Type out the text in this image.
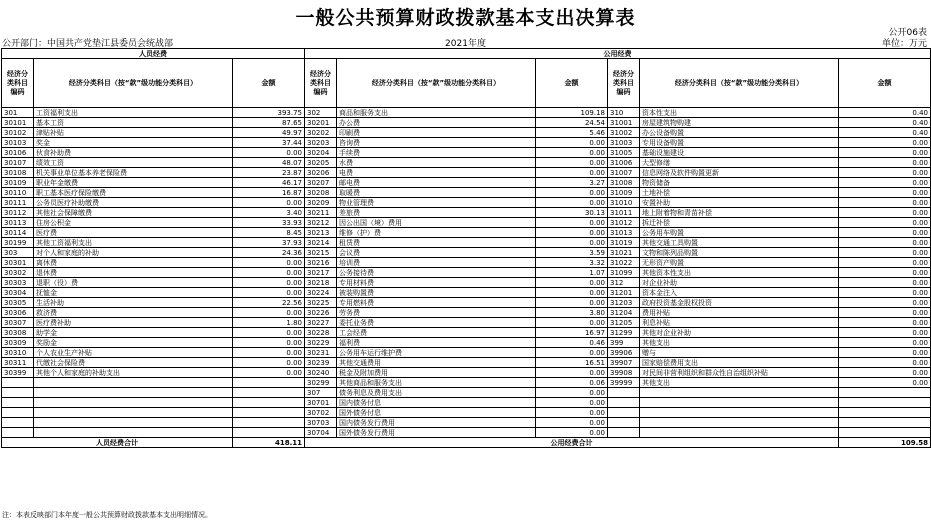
一般公共预算财政拨款基本支出决算表
公开06表
公开部门：中国共产党垫江县委员会统战部	2021年度	单位：万元
人员经费			公用经费					
经济分类科目编码	经济分类科目（按“款”级功能分类科目）	金额	经济分类科目编码	经济分类科目（按“款”级功能分类科目）	金额	经济分类科目编码	经济分类科目（按“款”级功能分类科目）	金额
301	工资福利支出	393.75	302	商品和服务支出	109.18	310	资本性支出	0.40
30101	基本工资	87.65	30201	办公费	24.54	31001	房屋建筑物购建	0.40
30102	津贴补贴	49.97	30202	印刷费	5.46	31002	办公设备购置	0.40
30103	奖金	37.44	30203	咨询费	0.00	31003	专用设备购置	0.00
30106	伙食补助费	0.00	30204	手续费	0.00	31005	基础设施建设	0.00
30107	绩效工资	48.07	30205	水费	0.00	31006	大型修缮	0.00
30108	机关事业单位基本养老保险费	23.87	30206	电费	0.00	31007	信息网络及软件购置更新	0.00
30109	职业年金缴费	46.17	30207	邮电费	3.27	31008	物资储备	0.00
30110	职工基本医疗保险缴费	16.87	30208	取暖费	0.00	31009	土地补偿	0.00
30111	公务员医疗补助缴费	0.00	30209	物业管理费	0.00	31010	安置补助	0.00
30112	其他社会保障缴费	3.40	30211	差旅费	30.13	31011	地上附着物和青苗补偿	0.00
30113	住房公积金	33.93	30212	因公出国（境）费用	0.00	31012	拆迁补偿	0.00
30114	医疗费	8.45	30213	维修（护）费	0.00	31013	公务用车购置	0.00
30199	其他工资福利支出	37.93	30214	租赁费	0.00	31019	其他交通工具购置	0.00
303	对个人和家庭的补助	24.36	30215	会议费	3.59	31021	文物和陈列品购置	0.00
30301	离休费	0.00	30216	培训费	3.32	31022	无形资产购置	0.00
30302	退休费	0.00	30217	公务接待费	1.07	31099	其他资本性支出	0.00
30303	退职（役）费	0.00	30218	专用材料费	0.00	312	对企业补助	0.00
30304	抚恤金	0.00	30224	被装购置费	0.00	31201	资本金注入	0.00
30305	生活补助	22.56	30225	专用燃料费	0.00	31203	政府投资基金股权投资	0.00
30306	救济费	0.00	30226	劳务费	3.80	31204	费用补贴	0.00
30307	医疗费补助	1.80	30227	委托业务费	0.00	31205	利息补贴	0.00
30308	助学金	0.00	30228	工会经费	16.97	31299	其他对企业补助	0.00
30309	奖励金	0.00	30229	福利费	0.46	399	其他支出	0.00
30310	个人农业生产补贴	0.00	30231	公务用车运行维护费	0.00	39906	赠与	0.00
30311	代缴社会保险费	0.00	30239	其他交通费用	16.51	39907	国家赔偿费用支出	0.00
30399	其他个人和家庭的补助支出	0.00	30240	税金及附加费用	0.00	39908	对民间非营利组织和群众性自治组织补贴	0.00
			30299	其他商品和服务支出	0.06	39999	其他支出	0.00
			307	债务利息及费用支出	0.00			
			30701	国内债务付息	0.00			
			30702	国外债务付息	0.00			
			30703	国内债务发行费用	0.00			
			30704	国外债务发行费用	0.00			
人员经费合计		418.11	公用经费合计					109.58
注：本表反映部门本年度一般公共预算财政拨款基本支出明细情况。
